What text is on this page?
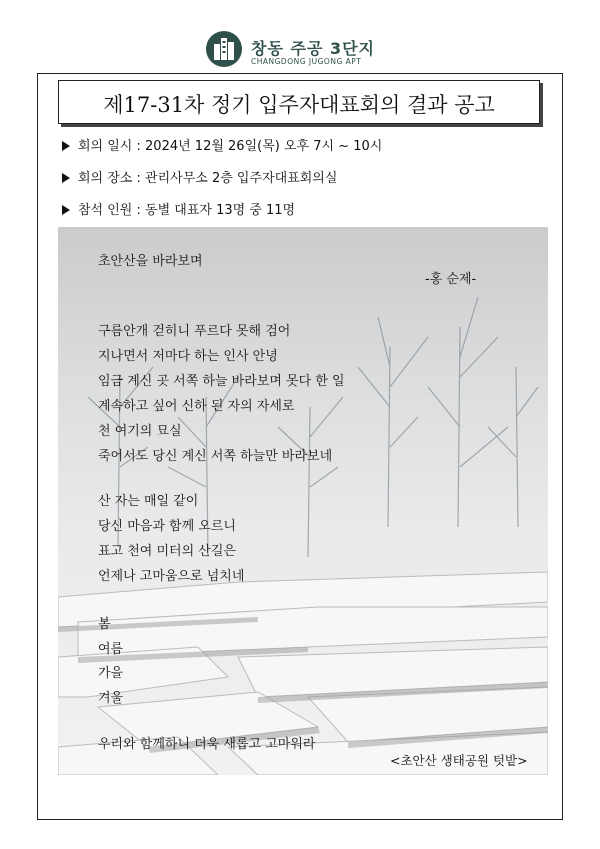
창동 주공 3단지
CHANGDONG JUGONG APT
제17-31차 정기 입주자대표회의 결과 공고
회의 일시 : 2024년 12월 26일(목) 오후 7시 ~ 10시
회의 장소 : 관리사무소 2층 입주자대표회의실
참석 인원 : 동별 대표자 13명 중 11명
초안산을 바라보며
-홍 순제-
구름안개 걷히니 푸르다 못해 검어
지나면서 저마다 하는 인사 안녕
임금 계신 곳 서쪽 하늘 바라보며 못다 한 일
계속하고 싶어 신하 된 자의 자세로
천 여기의 묘실
죽어서도 당신 계신 서쪽 하늘만 바라보네
산 자는 매일 같이
당신 마음과 함께 오르니
표고 천여 미터의 산길은
언제나 고마움으로 넘치네
봄
여름
가을
겨울
우리와 함께하니 더욱 새롭고 고마워라
<초안산 생태공원 텃밭>
